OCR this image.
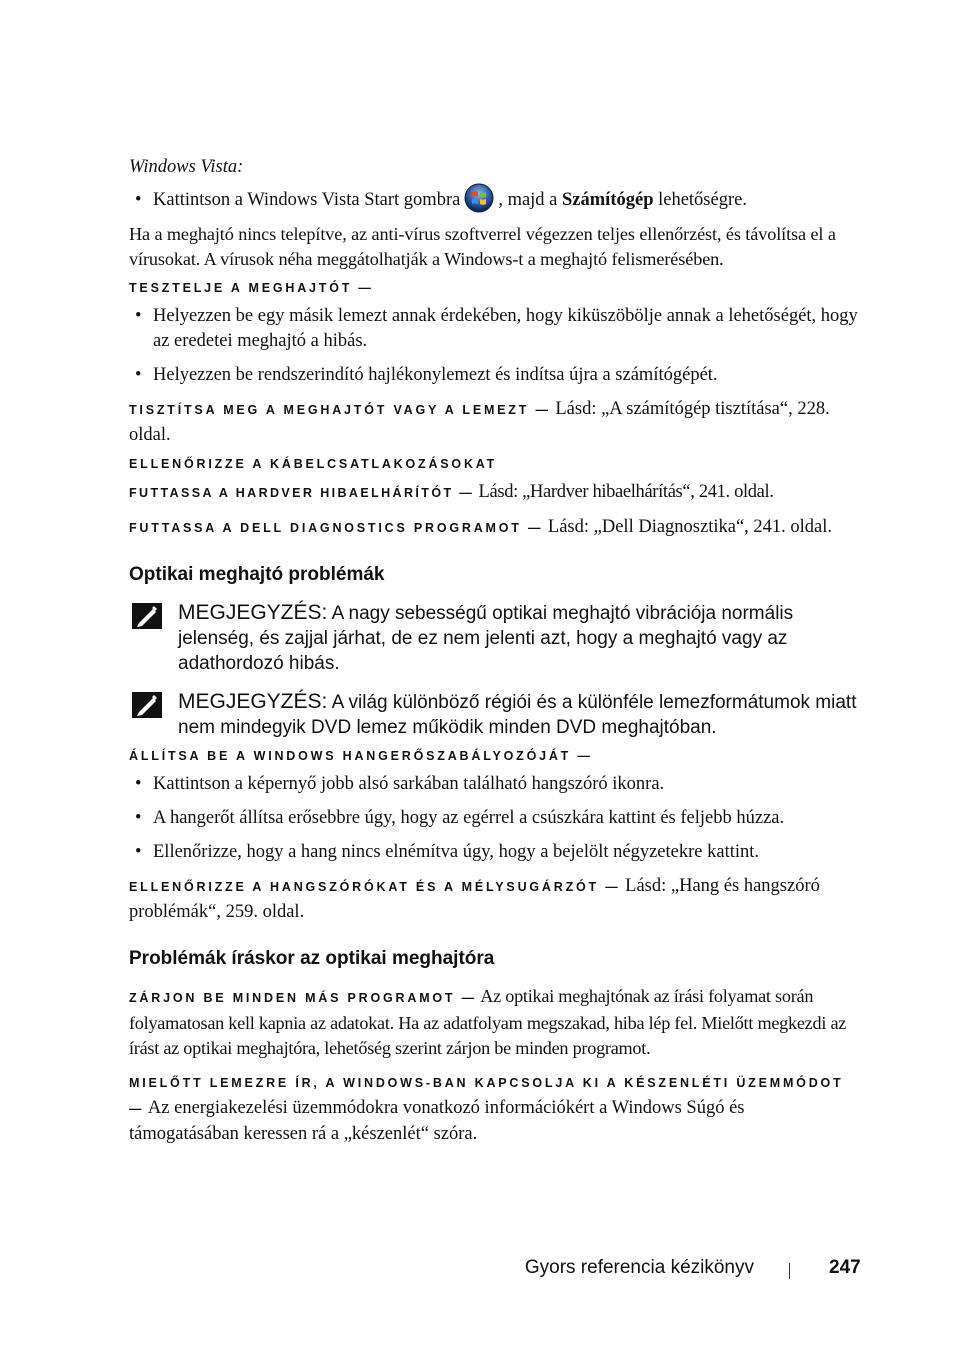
Windows Vista:

• Kattintson a Windows Vista Start gombra , majd a Számítógép lehetőségre.

Ha a meghajtó nincs telepítve, az anti-vírus szoftverrel végezzen teljes ellenőrzést, és távolítsa el a vírusokat. A vírusok néha meggátolhatják a Windows-t a meghajtó felismerésében.

TESZTELJE A MEGHAJTÓT —

• Helyezzen be egy másik lemezt annak érdekében, hogy kiküszöbölje annak a lehetőségét, hogy az eredetei meghajtó a hibás.
• Helyezzen be rendszerindító hajlékonylemezt és indítsa újra a számítógépét.

TISZTÍTSA MEG A MEGHAJTÓT VAGY A LEMEZT — Lásd: „A számítógép tisztítása“, 228. oldal.

ELLENŐRIZZE A KÁBELCSATLAKOZÁSOKAT

FUTTASSA A HARDVER HIBAELHÁRÍTÓT — Lásd: „Hardver hibaelhárítás“, 241. oldal.

FUTTASSA A DELL DIAGNOSTICS PROGRAMOT — Lásd: „Dell Diagnosztika“, 241. oldal.

Optikai meghajtó problémák

MEGJEGYZÉS: A nagy sebességű optikai meghajtó vibrációja normális jelenség, és zajjal járhat, de ez nem jelenti azt, hogy a meghajtó vagy az adathordozó hibás.
MEGJEGYZÉS: A világ különböző régiói és a különféle lemezformátumok miatt nem mindegyik DVD lemez működik minden DVD meghajtóban.

ÁLLÍTSA BE A WINDOWS HANGERŐSZABÁLYOZÓJÁT —

• Kattintson a képernyő jobb alsó sarkában található hangszóró ikonra.
• A hangerőt állítsa erősebbre úgy, hogy az egérrel a csúszkára kattint és feljebb húzza.
• Ellenőrizze, hogy a hang nincs elnémítva úgy, hogy a bejelölt négyzetekre kattint.

ELLENŐRIZZE A HANGSZÓRÓKAT ÉS A MÉLYSUGÁRZÓT — Lásd: „Hang és hangszóró problémák“, 259. oldal.

Problémák íráskor az optikai meghajtóra

ZÁRJON BE MINDEN MÁS PROGRAMOT — Az optikai meghajtónak az írási folyamat során folyamatosan kell kapnia az adatokat. Ha az adatfolyam megszakad, hiba lép fel. Mielőtt megkezdi az írást az optikai meghajtóra, lehetőség szerint zárjon be minden programot.

MIELŐTT LEMEZRE ÍR, A WINDOWS-BAN KAPCSOLJA KI A KÉSZENLÉTI ÜZEMMÓDOT — Az energiakezelési üzemmódokra vonatkozó információkért a Windows Súgó és támogatásában keressen rá a „készenlét“ szóra.

Gyors referencia kézikönyv	247
